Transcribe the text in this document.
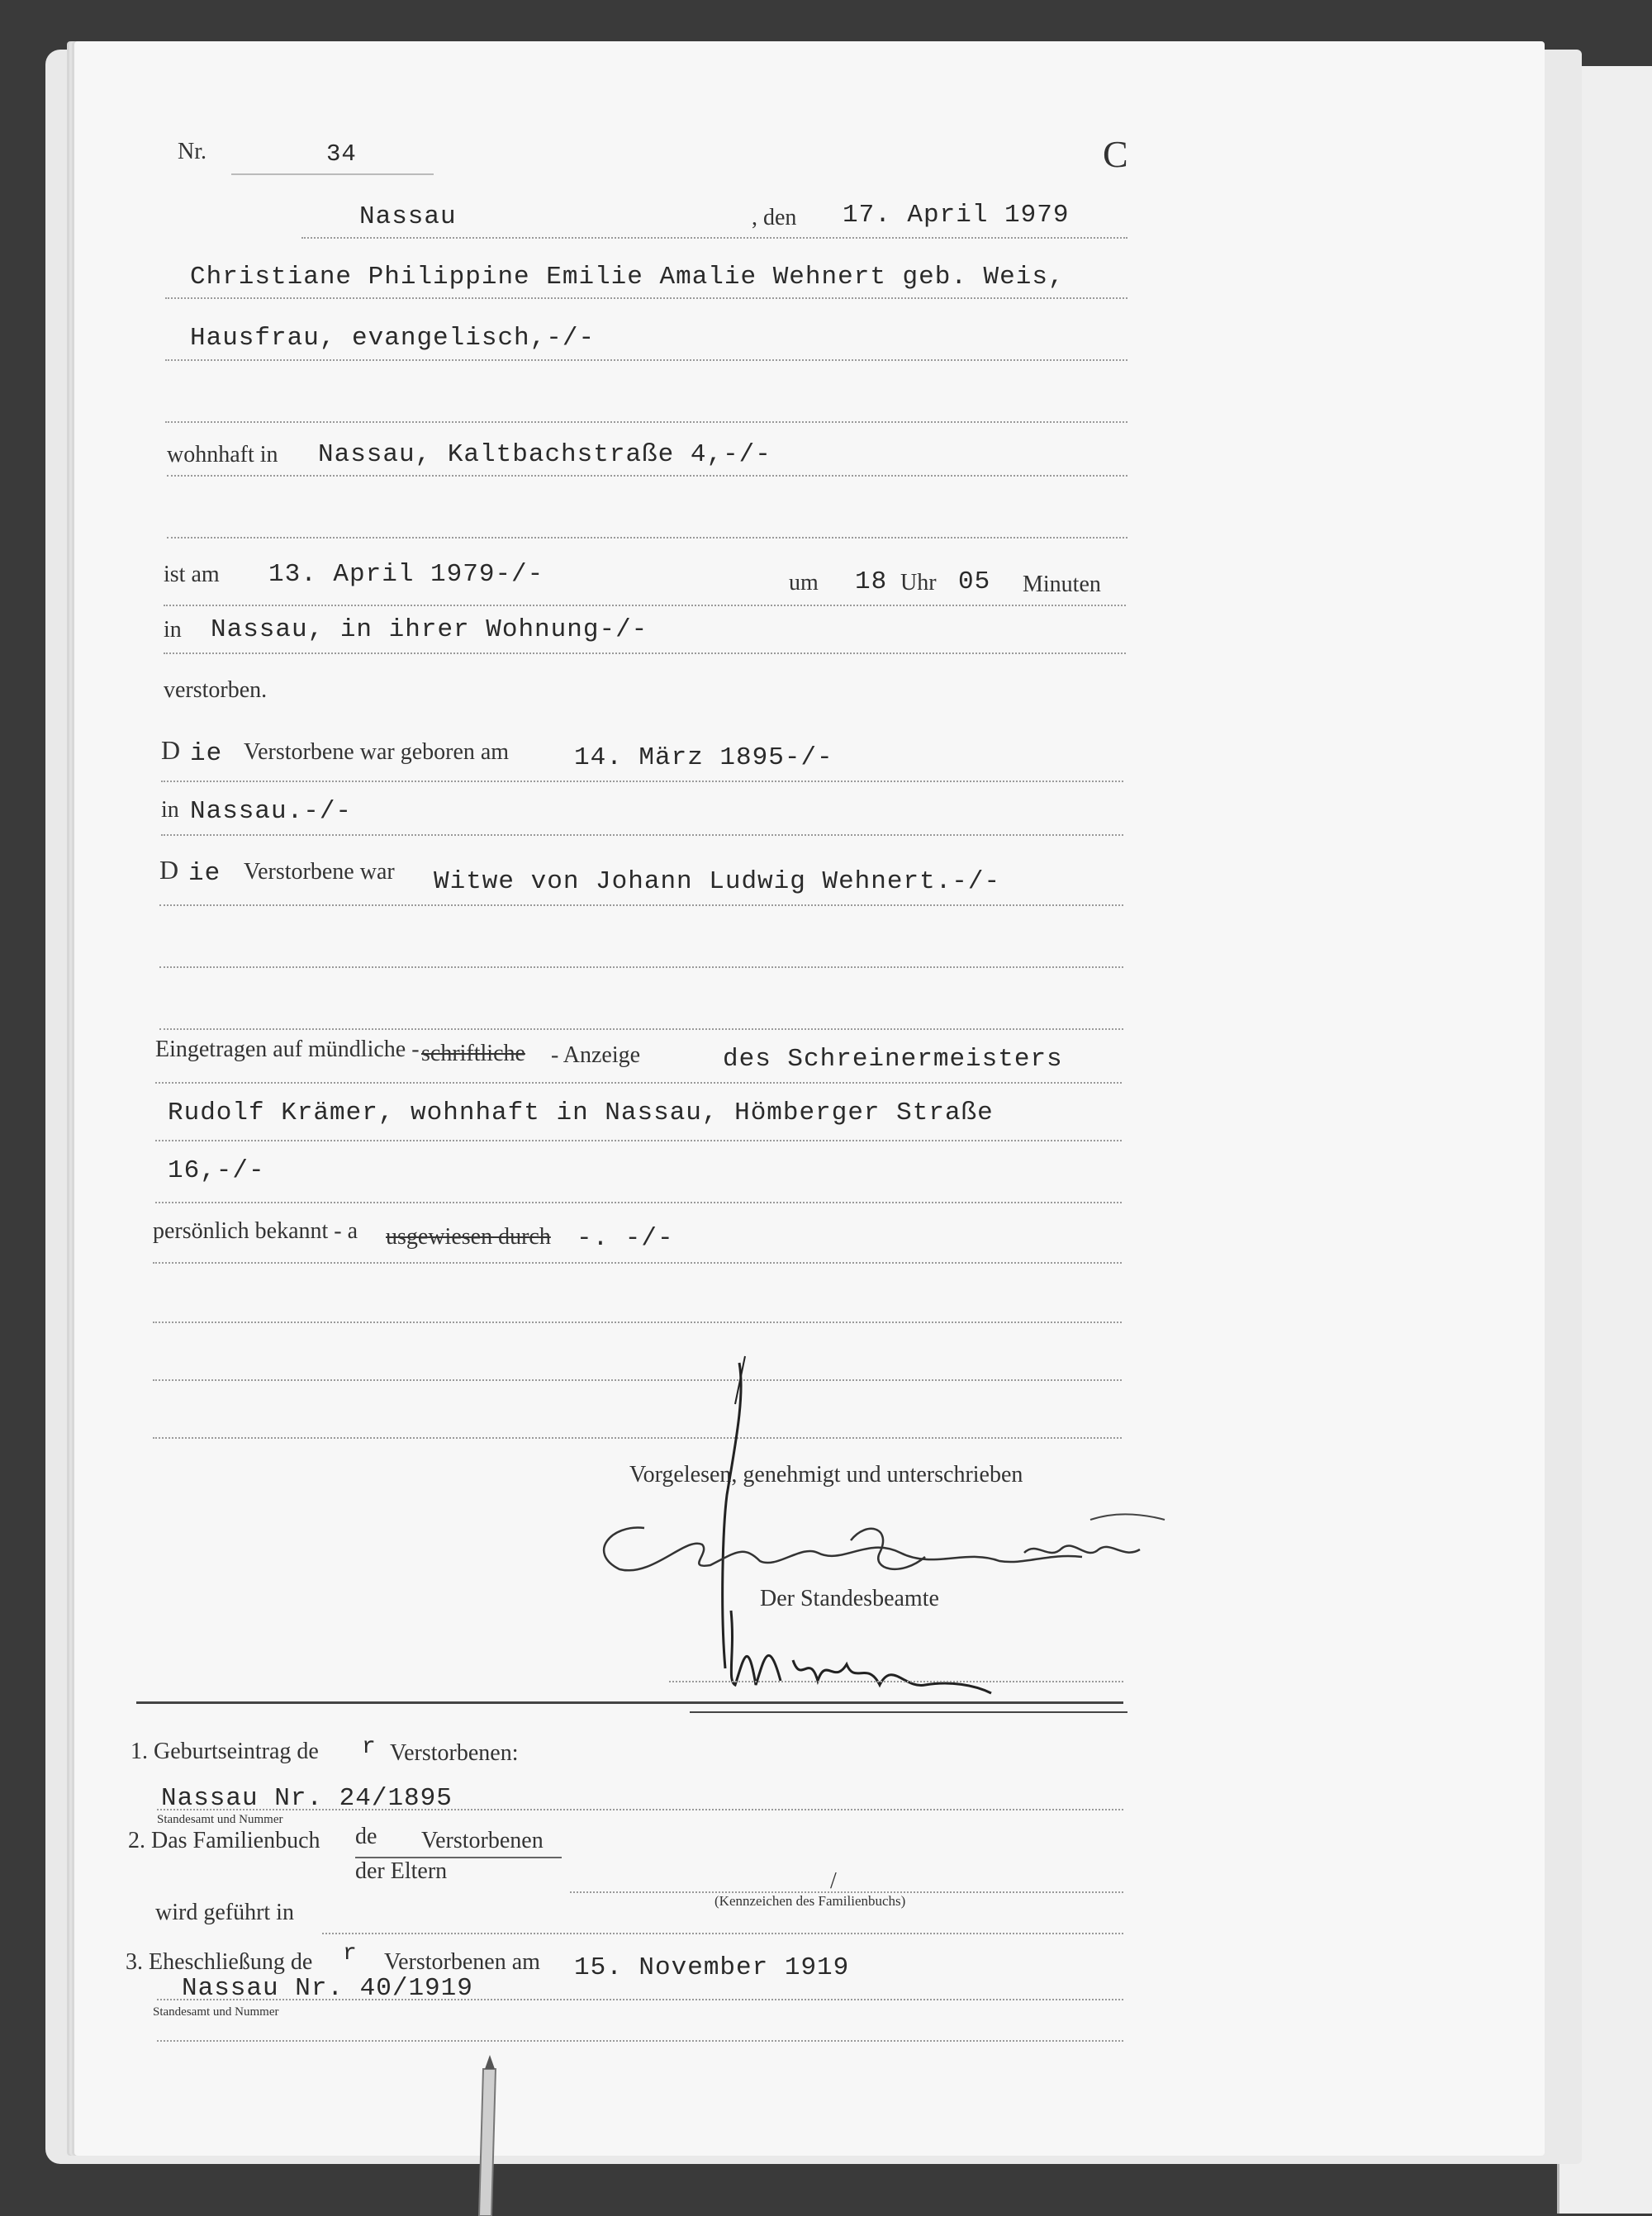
Nr.	34	C
Nassau	, den 17. April 1979
Christiane Philippine Emilie Amalie Wehnert geb. Weis,
Hausfrau, evangelisch,-/-
wohnhaft in Nassau, Kaltbachstraße 4,-/-
ist am 13. April 1979-/-	um 18 Uhr 05 Minuten
in Nassau, in ihrer Wohnung-/-
verstorben.
D ie Verstorbene war geboren am	14. März 1895-/-
in Nassau.-/-
D ie Verstorbene war Witwe von Johann Ludwig Wehnert.-/-
Eingetragen auf mündliche - schriftliche - Anzeige	des Schreinermeisters
Rudolf Krämer, wohnhaft in Nassau, Hömberger Straße
16,-/-
persönlich bekannt - a usgewiesen durch -. -/-
Vorgelesen, genehmigt und unterschrieben
Der Standesbeamte
1. Geburtseintrag de r Verstorbenen:
Nassau Nr. 24/1895
Standesamt und Nummer
2. Das Familienbuch de Verstorbenen
der Eltern	/
(Kennzeichen des Familienbuchs)
wird geführt in
3. Eheschließung de r Verstorbenen am 15. November 1919
Nassau Nr. 40/1919
Standesamt und Nummer
